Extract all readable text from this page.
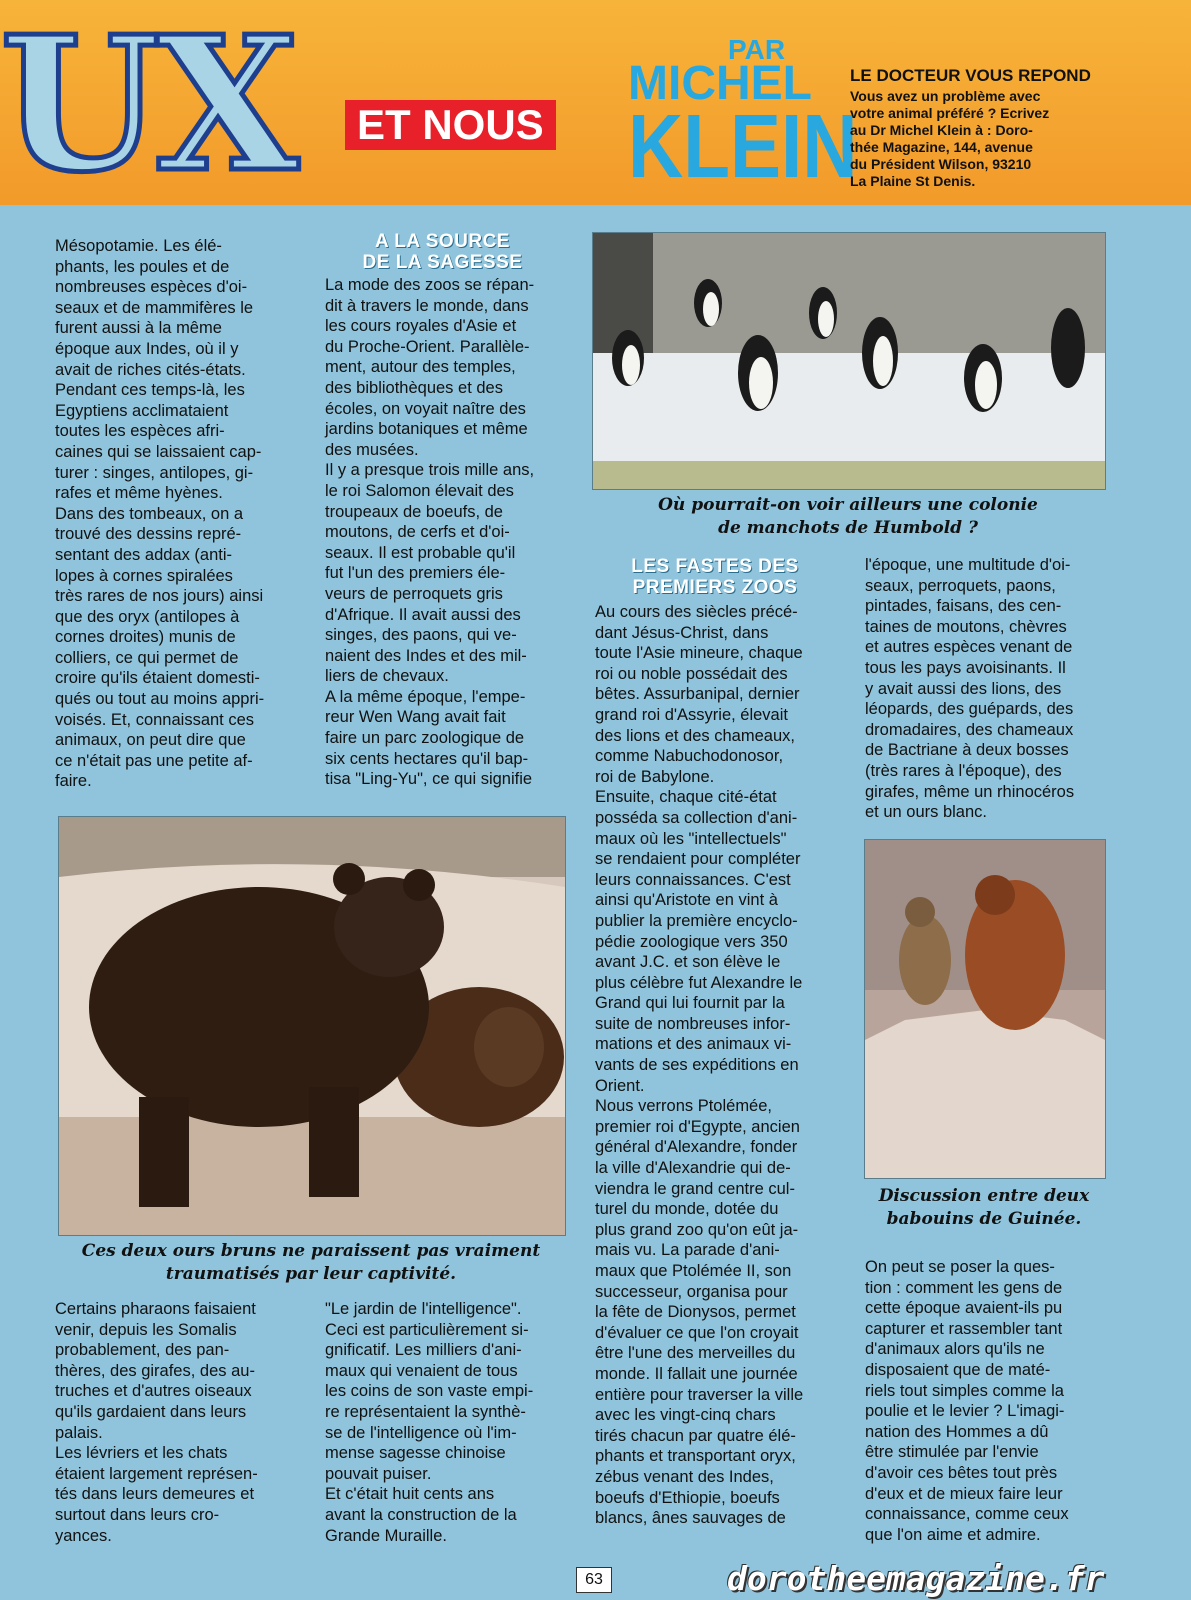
UX ET NOUS
PAR
MICHEL
KLEIN
LE DOCTEUR VOUS REPOND
Vous avez un problème avec
votre animal préféré ? Ecrivez
au Dr Michel Klein à : Doro-
thée Magazine, 144, avenue
du Président Wilson, 93210
La Plaine St Denis.
Mésopotamie. Les élé-
phants, les poules et de
nombreuses espèces d'oi-
seaux et de mammifères le
furent aussi à la même
époque aux Indes, où il y
avait de riches cités-états.
Pendant ces temps-là, les
Egyptiens acclimataient
toutes les espèces afri-
caines qui se laissaient cap-
turer : singes, antilopes, gi-
rafes et même hyènes.
Dans des tombeaux, on a
trouvé des dessins repré-
sentant des addax (anti-
lopes à cornes spiralées
très rares de nos jours) ainsi
que des oryx (antilopes à
cornes droites) munis de
colliers, ce qui permet de
croire qu'ils étaient domesti-
qués ou tout au moins appri-
voisés. Et, connaissant ces
animaux, on peut dire que
ce n'était pas une petite af-
faire.
A LA SOURCE
DE LA SAGESSE
La mode des zoos se répan-
dit à travers le monde, dans
les cours royales d'Asie et
du Proche-Orient. Parallèle-
ment, autour des temples,
des bibliothèques et des
écoles, on voyait naître des
jardins botaniques et même
des musées.
Il y a presque trois mille ans,
le roi Salomon élevait des
troupeaux de boeufs, de
moutons, de cerfs et d'oi-
seaux. Il est probable qu'il
fut l'un des premiers éle-
veurs de perroquets gris
d'Afrique. Il avait aussi des
singes, des paons, qui ve-
naient des Indes et des mil-
liers de chevaux.
A la même époque, l'empe-
reur Wen Wang avait fait
faire un parc zoologique de
six cents hectares qu'il bap-
tisa "Ling-Yu", ce qui signifie
Où pourrait-on voir ailleurs une colonie
de manchots de Humbold ?
LES FASTES DES
PREMIERS ZOOS
Au cours des siècles précé-
dant Jésus-Christ, dans
toute l'Asie mineure, chaque
roi ou noble possédait des
bêtes. Assurbanipal, dernier
grand roi d'Assyrie, élevait
des lions et des chameaux,
comme Nabuchodonosor,
roi de Babylone.
Ensuite, chaque cité-état
posséda sa collection d'ani-
maux où les "intellectuels"
se rendaient pour compléter
leurs connaissances. C'est
ainsi qu'Aristote en vint à
publier la première encyclo-
pédie zoologique vers 350
avant J.C. et son élève le
plus célèbre fut Alexandre le
Grand qui lui fournit par la
suite de nombreuses infor-
mations et des animaux vi-
vants de ses expéditions en
Orient.
Nous verrons Ptolémée,
premier roi d'Egypte, ancien
général d'Alexandre, fonder
la ville d'Alexandrie qui de-
viendra le grand centre cul-
turel du monde, dotée du
plus grand zoo qu'on eût ja-
mais vu. La parade d'ani-
maux que Ptolémée II, son
successeur, organisa pour
la fête de Dionysos, permet
d'évaluer ce que l'on croyait
être l'une des merveilles du
monde. Il fallait une journée
entière pour traverser la ville
avec les vingt-cinq chars
tirés chacun par quatre élé-
phants et transportant oryx,
zébus venant des Indes,
boeufs d'Ethiopie, boeufs
blancs, ânes sauvages de
l'époque, une multitude d'oi-
seaux, perroquets, paons,
pintades, faisans, des cen-
taines de moutons, chèvres
et autres espèces venant de
tous les pays avoisinants. Il
y avait aussi des lions, des
léopards, des guépards, des
dromadaires, des chameaux
de Bactriane à deux bosses
(très rares à l'époque), des
girafes, même un rhinocéros
et un ours blanc.
Discussion entre deux
babouins de Guinée.
On peut se poser la ques-
tion : comment les gens de
cette époque avaient-ils pu
capturer et rassembler tant
d'animaux alors qu'ils ne
disposaient que de maté-
riels tout simples comme la
poulie et le levier ? L'imagi-
nation des Hommes a dû
être stimulée par l'envie
d'avoir ces bêtes tout près
d'eux et de mieux faire leur
connaissance, comme ceux
que l'on aime et admire.
Ces deux ours bruns ne paraissent pas vraiment
traumatisés par leur captivité.
Certains pharaons faisaient
venir, depuis les Somalis
probablement, des pan-
thères, des girafes, des au-
truches et d'autres oiseaux
qu'ils gardaient dans leurs
palais.
Les lévriers et les chats
étaient largement représen-
tés dans leurs demeures et
surtout dans leurs cro-
yances.
"Le jardin de l'intelligence".
Ceci est particulièrement si-
gnificatif. Les milliers d'ani-
maux qui venaient de tous
les coins de son vaste empi-
re représentaient la synthè-
se de l'intelligence où l'im-
mense sagesse chinoise
pouvait puiser.
Et c'était huit cents ans
avant la construction de la
Grande Muraille.
63	dorotheemagazine.fr
